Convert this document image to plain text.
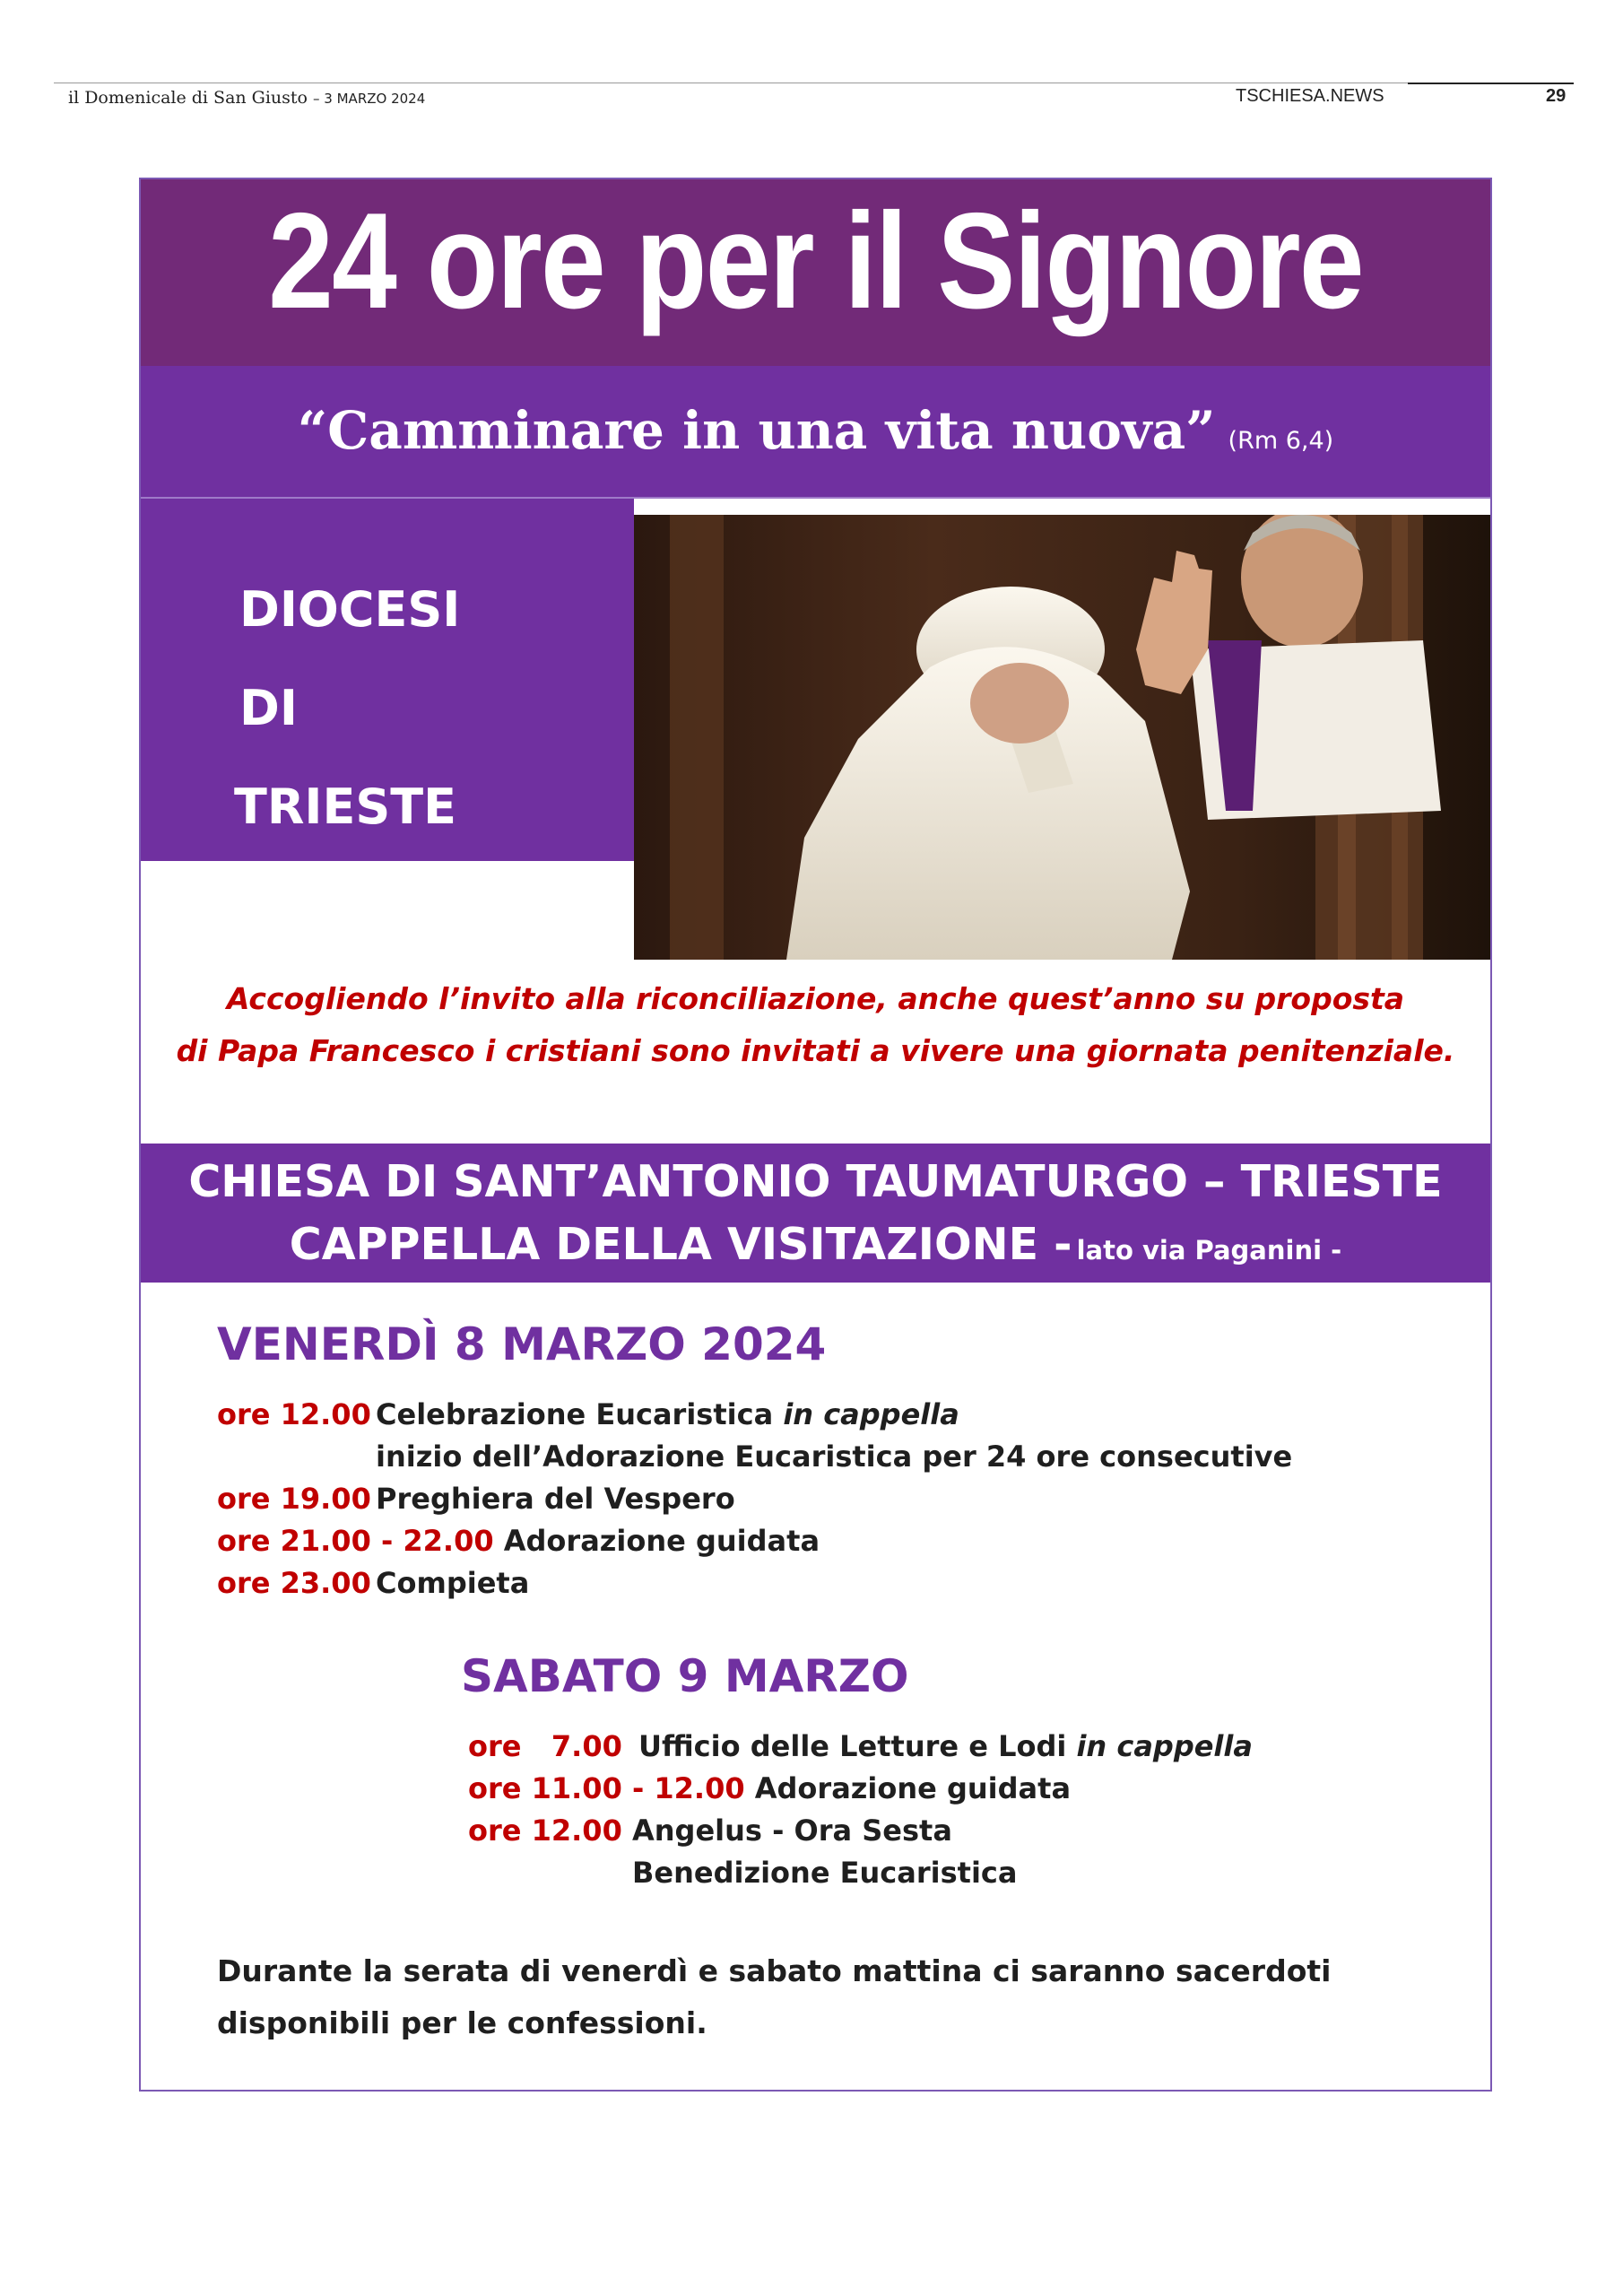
il Domenicale di San Giusto – 3 MARZO 2024	TSCHIESA.NEWS	29
24 ore per il Signore
“Camminare in una vita nuova” (Rm 6,4)
DIOCESI
DI
TRIESTE
Accogliendo l’invito alla riconciliazione, anche quest’anno su proposta
di Papa Francesco i cristiani sono invitati a vivere una giornata penitenziale.
CHIESA DI SANT’ANTONIO TAUMATURGO – TRIESTE
CAPPELLA DELLA VISITAZIONE - lato via Paganini -
VENERDÌ 8 MARZO 2024
ore 12.00 Celebrazione Eucaristica in cappella
inizio dell’Adorazione Eucaristica per 24 ore consecutive
ore 19.00 Preghiera del Vespero
ore 21.00 - 22.00 Adorazione guidata
ore 23.00 Compieta
SABATO 9 MARZO
ore   7.00 Ufficio delle Letture e Lodi in cappella
ore 11.00 - 12.00 Adorazione guidata
ore 12.00 Angelus - Ora Sesta
Benedizione Eucaristica
Durante la serata di venerdì e sabato mattina ci saranno sacerdoti
disponibili per le confessioni.
